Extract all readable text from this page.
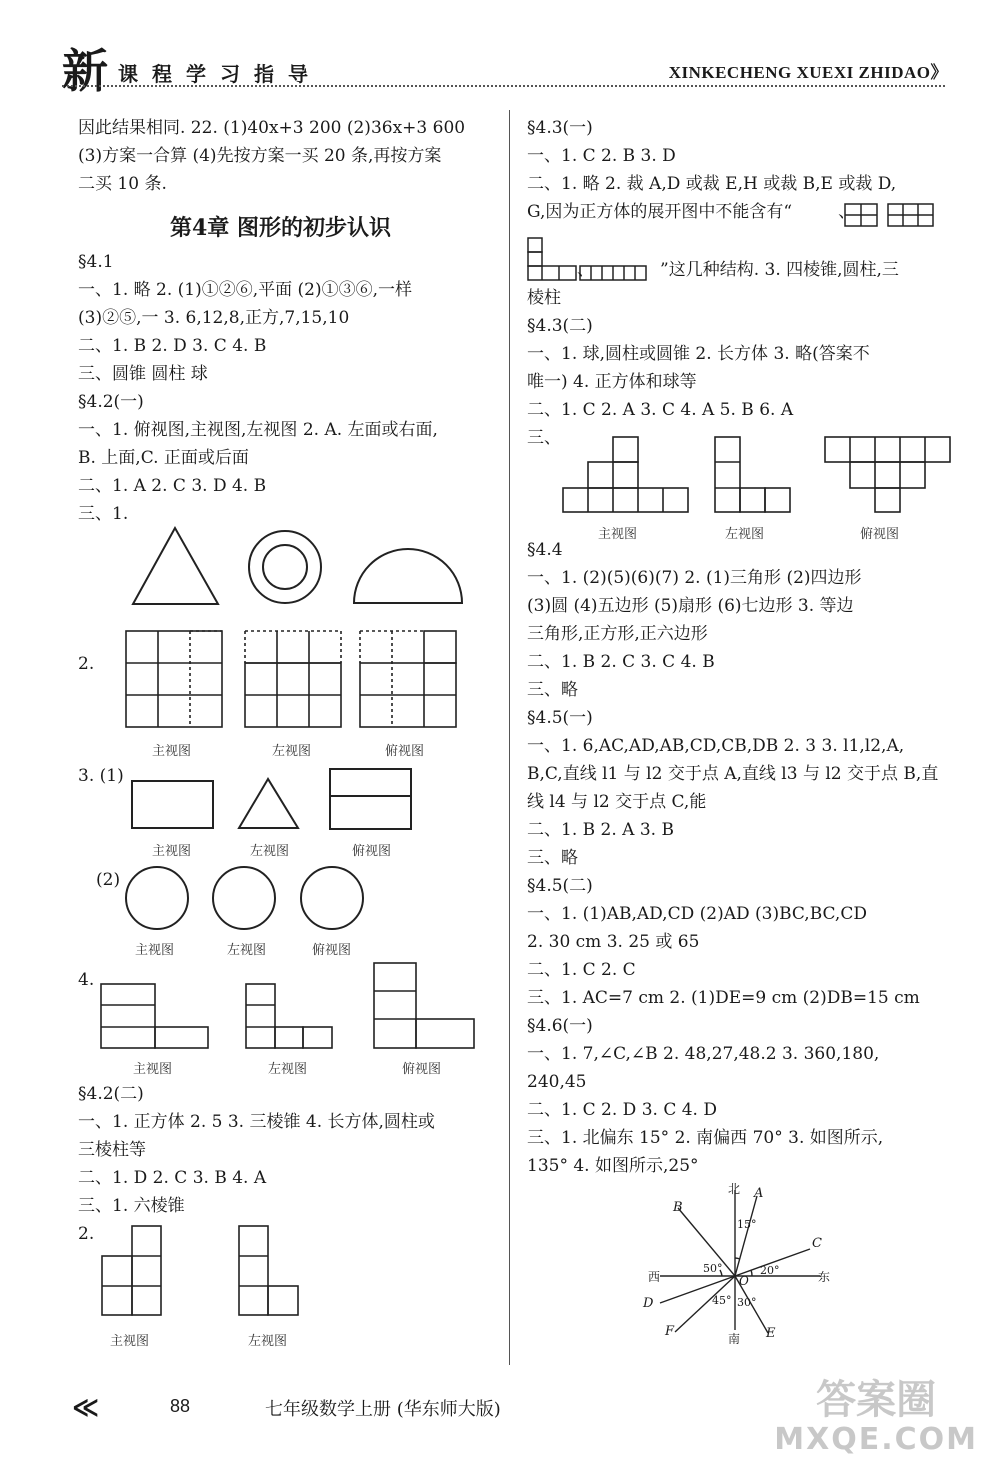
新 课程学习指导	XINKECHENG XUEXI ZHIDAO》
因此结果相同. 22. (1)40x+3 200 (2)36x+3 600
(3)方案一合算 (4)先按方案一买 20 条,再按方案
二买 10 条.
第4章 图形的初步认识
§4.1
一、1. 略 2. (1)①②⑥,平面 (2)①③⑥,一样
(3)②⑤,一 3. 6,12,8,正方,7,15,10
二、1. B 2. D 3. C 4. B
三、圆锥 圆柱 球
§4.2(一)
一、1. 俯视图,主视图,左视图 2. A. 左面或右面,
B. 上面,C. 正面或后面
二、1. A 2. C 3. D 4. B
三、1.
2.
3. (1)
(2)
4.
主视图	左视图	俯视图
主视图	左视图	俯视图
主视图	左视图	俯视图
主视图	左视图	俯视图
主视图	左视图
§4.2(二)
一、1. 正方体 2. 5 3. 三棱锥 4. 长方体,圆柱或
三棱柱等
二、1. D 2. C 3. B 4. A
三、1. 六棱锥
2.
§4.3(一)
一、1. C 2. B 3. D
二、1. 略 2. 裁 A,D 或裁 E,H 或裁 B,E 或裁 D,
G,因为正方体的展开图中不能含有“	、
、	”这几种结构. 3. 四棱锥,圆柱,三
棱柱
§4.3(二)
一、1. 球,圆柱或圆锥 2. 长方体 3. 略(答案不
唯一) 4. 正方体和球等
二、1. C 2. A 3. C 4. A 5. B 6. A
三、
主视图	左视图	俯视图
§4.4
一、1. (2)(5)(6)(7) 2. (1)三角形 (2)四边形
(3)圆 (4)五边形 (5)扇形 (6)七边形 3. 等边
三角形,正方形,正六边形
二、1. B 2. C 3. C 4. B
三、略
§4.5(一)
一、1. 6,AC,AD,AB,CD,CB,DB 2. 3 3. l1,l2,A,
B,C,直线 l1 与 l2 交于点 A,直线 l3 与 l2 交于点 B,直
线 l4 与 l2 交于点 C,能
二、1. B 2. A 3. B
三、略
§4.5(二)
一、1. (1)AB,AD,CD (2)AD (3)BC,BC,CD
2. 30 cm 3. 25 或 65
二、1. C 2. C
三、1. AC=7 cm 2. (1)DE=9 cm (2)DB=15 cm
§4.6(一)
一、1. 7,∠C,∠B 2. 48,27,48.2 3. 360,180,
240,45
二、1. C 2. D 3. C 4. D
三、1. 北偏东 15° 2. 南偏西 70° 3. 如图所示,
135° 4. 如图所示,25°
北
南
东
西
A
B
C
D
E
F
O
15°
50°	20°
45° 30°
≪	88	七年级数学上册 (华东师大版)	答案圈
MXQE.COM
